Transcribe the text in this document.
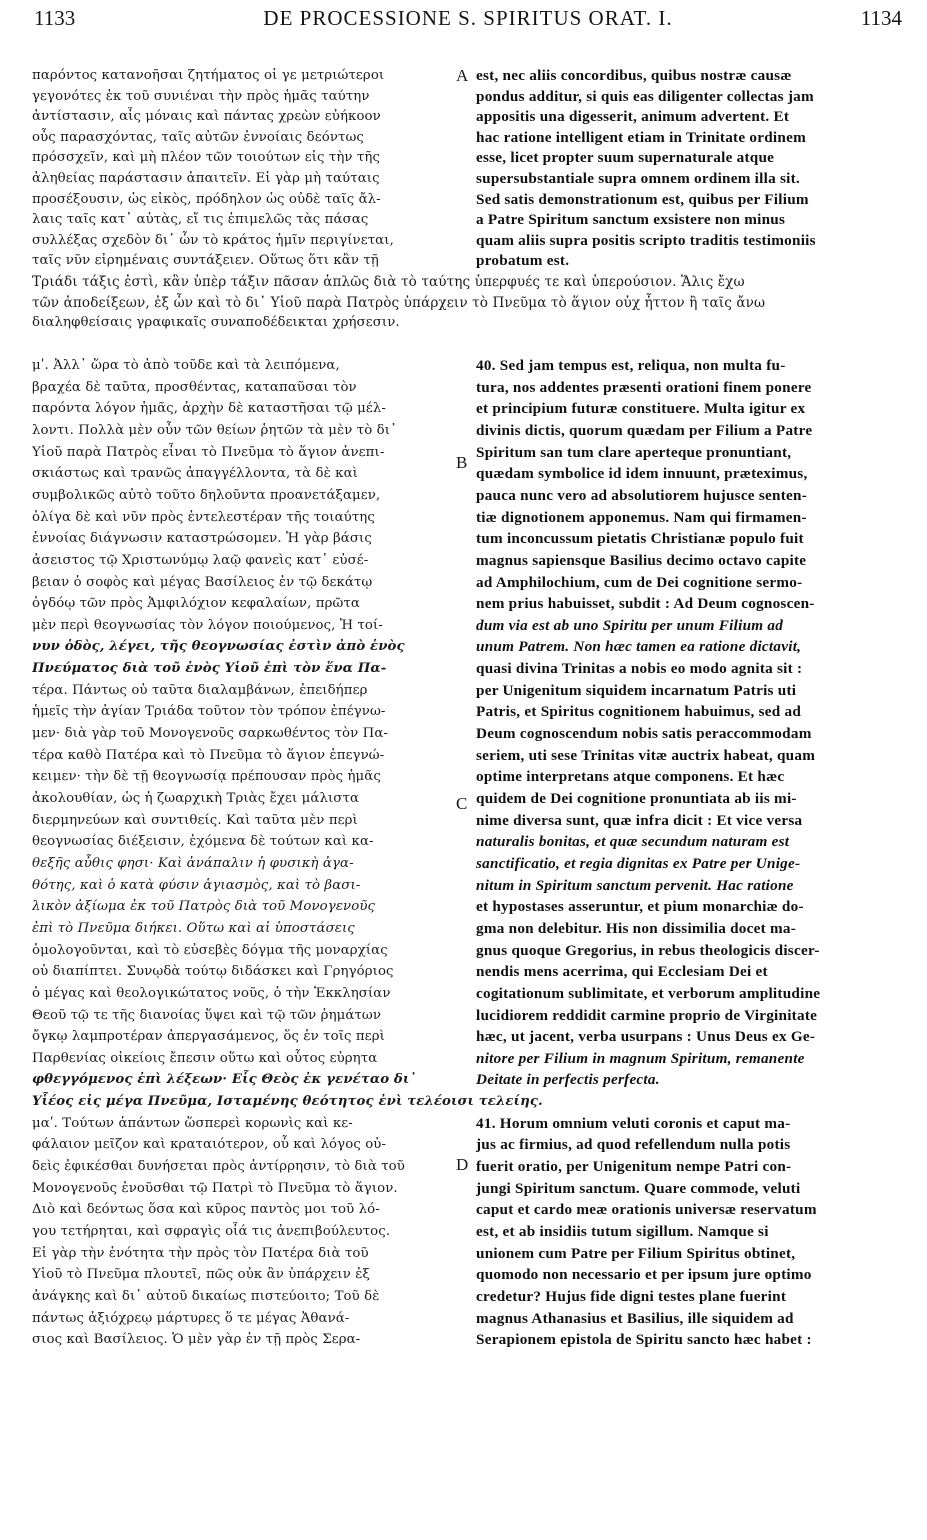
1133	DE PROCESSIONE S. SPIRITUS ORAT. I.	1134
παρόντος κατανοῆσαι ζητήματος οἱ γε μετριώτεροι
γεγονότες ἐκ τοῦ συνιέναι τὴν πρὸς ἡμᾶς ταύτην
ἀντίστασιν, αἷς μόναις καὶ πάντας χρεὼν εὐήκοον
οὖς παρασχόντας, ταῖς αὐτῶν ἐννοίαις δεόντως
πρόσσχεῖν, καὶ μὴ πλέον τῶν τοιούτων εἰς τὴν τῆς
ἀληθείας παράστασιν ἀπαιτεῖν. Εἰ γὰρ μὴ ταύταις
προσέξουσιν, ὡς εἰκὸς, πρόδηλον ὡς οὐδὲ ταῖς ἄλ-
λαις ταῖς κατ᾽ αὐτὰς, εἴ τις ἐπιμελῶς τὰς πάσας
συλλέξας σχεδὸν δι᾽ ὧν τὸ κράτος ἡμῖν περιγίνεται,
ταῖς νῦν εἰρημέναις συντάξειεν. Οὕτως ὅτι κἂν τῇ
est, nec aliis concordibus, quibus nostræ causæ
pondus additur, si quis eas diligenter collectas jam
appositis una digesserit, animum advertent. Et
hac ratione intelligent etiam in Trinitate ordinem
esse, licet propter suum supernaturale atque
supersubstantiale supra omnem ordinem illa sit.
Sed satis demonstrationum est, quibus per Filium
a Patre Spiritum sanctum exsistere non minus
quam aliis supra positis scripto traditis testimoniis
probatum est.
Τριάδι τάξις ἐστὶ, κἂν ὑπὲρ τάξιν πᾶσαν ἁπλῶς διὰ τὸ ταύτης ὑπερφυές τε καὶ ὑπερούσιον. Ἅλις ἔχω
τῶν ἀποδείξεων, ἐξ ὧν καὶ τὸ δι᾽ Υἱοῦ παρὰ Πατρὸς ὑπάρχειν τὸ Πνεῦμα τὸ ἅγιον οὐχ ἧττον ἢ ταῖς ἄνω
διαληφθείσαις γραφικαῖς συναποδέδεικται χρήσεσιν.
μʹ. Ἀλλ᾽ ὥρα τὸ ἀπὸ τοῦδε καὶ τὰ λειπόμενα,
βραχέα δὲ ταῦτα, προσθέντας, καταπαῦσαι τὸν
παρόντα λόγον ἡμᾶς, ἀρχὴν δὲ καταστῆσαι τῷ μέλ-
λοντι. Πολλὰ μὲν οὖν τῶν θείων ῥητῶν τὰ μὲν τὸ δι᾽
Υἱοῦ παρὰ Πατρὸς εἶναι τὸ Πνεῦμα τὸ ἅγιον ἀνεπι-
σκιάστως καὶ τρανῶς ἀπαγγέλλοντα, τὰ δὲ καὶ
συμβολικῶς αὐτὸ τοῦτο δηλοῦντα προανετάξαμεν,
ὀλίγα δὲ καὶ νῦν πρὸς ἐντελεστέραν τῆς τοιαύτης
ἐννοίας διάγνωσιν καταστρώσομεν. Ἡ γὰρ βάσις
ἀσειστος τῷ Χριστωνύμῳ λαῷ φανεὶς κατ᾽ εὐσέ-
βειαν ὁ σοφὸς καὶ μέγας Βασίλειος ἐν τῷ δεκάτῳ
ὀγδόῳ τῶν πρὸς Ἀμφιλόχιον κεφαλαίων, πρῶτα
μὲν περὶ θεογνωσίας τὸν λόγον ποιούμενος, Ἡ τοί-
νυν ὁδὸς, λέγει, τῆς θεογνωσίας ἐστὶν ἀπὸ ἑνὸς
Πνεύματος διὰ τοῦ ἑνὸς Υἱοῦ ἐπὶ τὸν ἕνα Πα-
τέρα. Πάντως οὐ ταῦτα διαλαμβάνων, ἐπειδήπερ
ἡμεῖς τὴν ἁγίαν Τριάδα τοῦτον τὸν τρόπον ἐπέγνω-
μεν· διὰ γὰρ τοῦ Μονογενοῦς σαρκωθέντος τὸν Πα-
τέρα καθὸ Πατέρα καὶ τὸ Πνεῦμα τὸ ἅγιον ἐπεγνώ-
κειμεν· τὴν δὲ τῇ θεογνωσίᾳ πρέπουσαν πρὸς ἡμᾶς
ἀκολουθίαν, ὡς ἡ ζωαρχικὴ Τριὰς ἔχει μάλιστα
διερμηνεύων καὶ συντιθείς. Καὶ ταῦτα μὲν περὶ
θεογνωσίας διέξεισιν, ἑχόμενα δὲ τούτων καὶ κα-
θεξῆς αὖθις φησι· Καὶ ἀνάπαλιν ἡ φυσικὴ ἀγα-
θότης, καὶ ὁ κατὰ φύσιν ἁγιασμὸς, καὶ τὸ βασι-
λικὸν ἀξίωμα ἐκ τοῦ Πατρὸς διὰ τοῦ Μονογενοῦς
ἐπὶ τὸ Πνεῦμα διήκει. Οὕτω καὶ αἱ ὑποστάσεις
ὁμολογοῦνται, καὶ τὸ εὐσεβὲς δόγμα τῆς μοναρχίας
οὐ διαπίπτει. Συνῳδὰ τούτῳ διδάσκει καὶ Γρηγόριος
ὁ μέγας καὶ θεολογικώτατος νοῦς, ὁ τὴν Ἐκκλησίαν
Θεοῦ τῷ τε τῆς διανοίας ὕψει καὶ τῷ τῶν ῥημάτων
ὄγκῳ λαμπροτέραν ἀπεργασάμενος, ὅς ἐν τοῖς περὶ
Παρθενίας οἰκείοις ἔπεσιν οὕτω καὶ οὗτος εὐρητα
φθεγγόμενος ἐπὶ λέξεων· Εἷς Θεὸς ἐκ γενέταο δι᾽
Υἷέος εἰς μέγα Πνεῦμα, Ισταμένης θεότητος ἐνὶ τελέοισι τελείης.
μαʹ. Τούτων ἁπάντων ὥσπερεὶ κορωνὶς καὶ κε-
φάλαιον μεῖζον καὶ κραταιότερον, οὗ καὶ λόγος οὐ-
δεὶς ἐφικέσθαι δυνήσεται πρὸς ἀντίρρησιν, τὸ διὰ τοῦ
Μονογενοῦς ἑνοῦσθαι τῷ Πατρὶ τὸ Πνεῦμα τὸ ἅγιον.
Διὸ καὶ δεόντως ὅσα καὶ κῦρος παντὸς μοι τοῦ λό-
γου τετήρηται, καὶ σφραγὶς οἷά τις ἀνεπιβούλευτος.
Εἰ γὰρ τὴν ἑνότητα τὴν πρὸς τὸν Πατέρα διὰ τοῦ
Υἱοῦ τὸ Πνεῦμα πλουτεῖ, πῶς οὐκ ἂν ὑπάρχειν ἐξ
ἀνάγκης καὶ δι᾽ αὐτοῦ δικαίως πιστεύοιτο; Τοῦ δὲ
πάντως ἀξιόχρεῳ μάρτυρες ὅ τε μέγας Ἀθανά-
σιος καὶ Βασίλειος. Ὁ μὲν γὰρ ἐν τῇ πρὸς Σερα-
40. Sed jam tempus est, reliqua, non multa fu-
tura, nos addentes præsenti orationi finem ponere
et principium futuræ constituere. Multa igitur ex
divinis dictis, quorum quædam per Filium a Patre
Spiritum san tum clare aperteque pronuntiant,
quædam symbolice id idem innuunt, præteximus,
pauca nunc vero ad absolutiorem hujusce senten-
tiæ dignotionem apponemus. Nam qui firmamen-
tum inconcussum pietatis Christianæ populo fuit
magnus sapiensque Basilius decimo octavo capite
ad Amphilochium, cum de Dei cognitione sermo-
nem prius habuisset, subdit : Ad Deum cognoscen-
dum via est ab uno Spiritu per unum Filium ad
unum Patrem. Non hæc tamen ea ratione dictavit,
quasi divina Trinitas a nobis eo modo agnita sit :
per Unigenitum siquidem incarnatum Patris uti
Patris, et Spiritus cognitionem habuimus, sed ad
Deum cognoscendum nobis satis peraccommodam
seriem, uti sese Trinitas vitæ auctrix habeat, quam
optime interpretans atque componens. Et hæc
quidem de Dei cognitione pronuntiata ab iis mi-
nime diversa sunt, quæ infra dicit : Et vice versa
naturalis bonitas, et quæ secundum naturam est
sanctificatio, et regia dignitas ex Patre per Unige-
nitum in Spiritum sanctum pervenit. Hac ratione
et hypostases asseruntur, et pium monarchiæ do-
gma non delebitur. His non dissimilia docet ma-
gnus quoque Gregorius, in rebus theologicis discer-
nendis mens acerrima, qui Ecclesiam Dei et
cogitationum sublimitate, et verborum amplitudine
lucidiorem reddidit carmine proprio de Virginitate
hæc, ut jacent, verba usurpans : Unus Deus ex Ge-
nitore per Filium in magnum Spiritum, remanente
Deitate in perfectis perfecta.
41. Horum omnium veluti coronis et caput ma-
jus ac firmius, ad quod refellendum nulla potis
fuerit oratio, per Unigenitum nempe Patri con-
jungi Spiritum sanctum. Quare commode, veluti
caput et cardo meæ orationis universæ reservatum
est, et ab insidiis tutum sigillum. Namque si
unionem cum Patre per Filium Spiritus obtinet,
quomodo non necessario et per ipsum jure optimo
credetur? Hujus fide digni testes plane fuerint
magnus Athanasius et Basilius, ille siquidem ad
Serapionem epistola de Spiritu sancto hæc habet :
A
B
C
D
